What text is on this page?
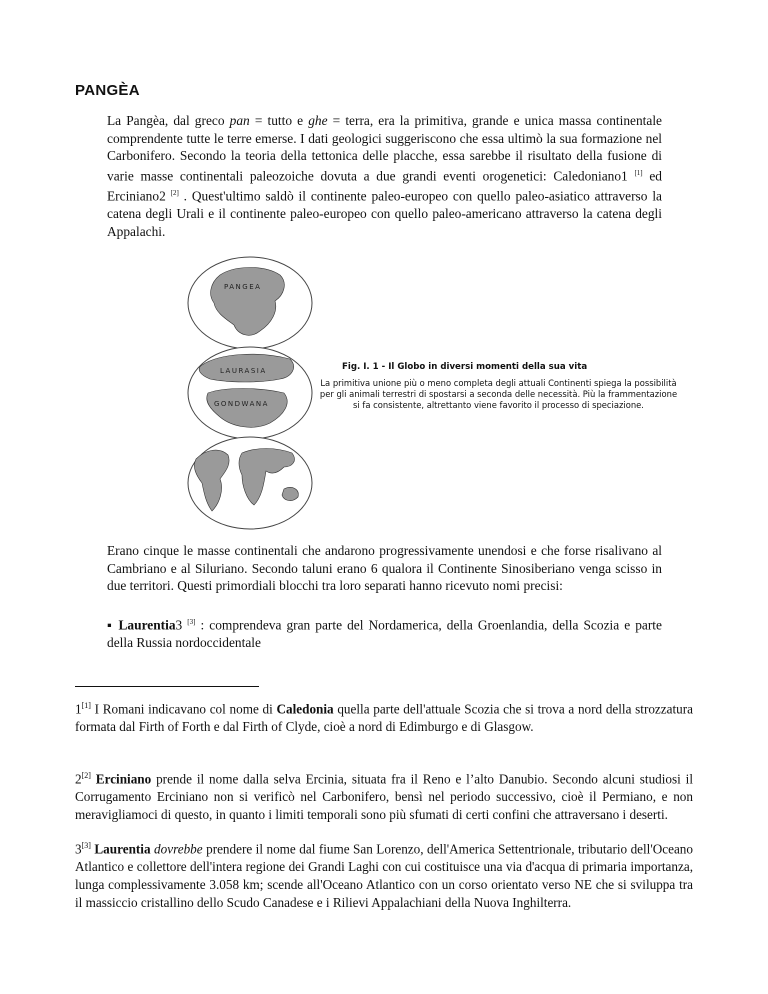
PANGÈA
La Pangèa, dal greco pan = tutto e ghe = terra, era la primitiva, grande e unica massa continentale comprendente tutte le terre emerse. I dati geologici suggeriscono che essa ultimò la sua formazione nel Carbonifero. Secondo la teoria della tettonica delle placche, essa sarebbe il risultato della fusione di varie masse continentali paleozoiche dovuta a due grandi eventi orogenetici: Caledoniano1 [1] ed Erciniano2 [2] . Quest'ultimo saldò il continente paleo-europeo con quello paleo-asiatico attraverso la catena degli Urali e il continente paleo-europeo con quello paleo-americano attraverso la catena degli Appalachi.
PANGEA
LAURASIA
GONDWANA
Fig. I. 1 - Il Globo in diversi momenti della sua vita
La primitiva unione più o meno completa degli attuali Continenti spiega la possibilità per gli animali terrestri di spostarsi a seconda delle necessità. Più la frammentazione si fa consistente, altrettanto viene favorito il processo di speciazione.
Erano cinque le masse continentali che andarono progressivamente unendosi e che forse risalivano al Cambriano e al Siluriano. Secondo taluni erano 6 qualora il Continente Sinosiberiano venga scisso in due territori. Questi primordiali blocchi tra loro separati hanno ricevuto nomi precisi:
▪ Laurentia3 [3] : comprendeva gran parte del Nordamerica, della Groenlandia, della Scozia e parte della Russia nordoccidentale
1[1] I Romani indicavano col nome di Caledonia quella parte dell'attuale Scozia che si trova a nord della strozzatura formata dal Firth of Forth e dal Firth of Clyde, cioè a nord di Edimburgo e di Glasgow.
2[2] Erciniano prende il nome dalla selva Ercinia, situata fra il Reno e l’alto Danubio. Secondo alcuni studiosi il Corrugamento Erciniano non si verificò nel Carbonifero, bensì nel periodo successivo, cioè il Permiano, e non meravigliamoci di questo, in quanto i limiti temporali sono più sfumati di certi confini che attraversano i deserti.
3[3] Laurentia dovrebbe prendere il nome dal fiume San Lorenzo, dell'America Settentrionale, tributario dell'Oceano Atlantico e collettore dell'intera regione dei Grandi Laghi con cui costituisce una via d'acqua di primaria importanza, lunga complessivamente 3.058 km; scende all'Oceano Atlantico con un corso orientato verso NE che si sviluppa tra il massiccio cristallino dello Scudo Canadese e i Rilievi Appalachiani della Nuova Inghilterra.
